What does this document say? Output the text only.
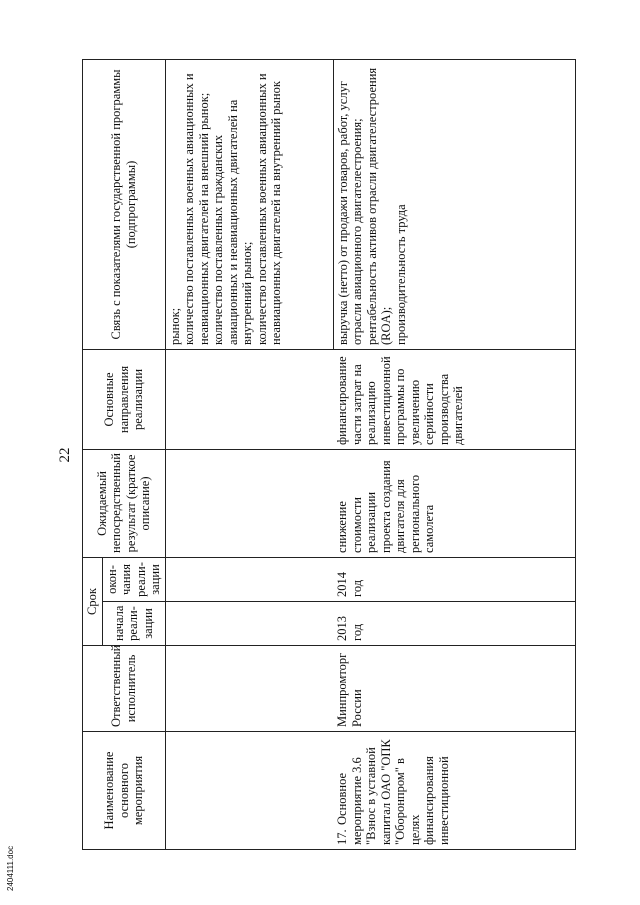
22
Наименование основного мероприятия	Ответственный исполнитель	Срок		Ожидаемый непосредственный результат (краткое описание)	Основные направления реализации	Связь с показателями государственной программы (подпрограммы)
		начала реали-зации	окон-чания реали-зации			
						рынок;
количество поставленных военных авиационных и неавиационных двигателей на внешний рынок;
количество поставленных гражданских авиационных и неавиационных двигателей на внутренний рынок;
количество поставленных военных авиационных и неавиационных двигателей на внутренний рынок
17.Основное мероприятие 3.6 "Взнос в уставной капитал ОАО "ОПК "Оборонпром" в целях финансирования инвестиционной	Минпромторг России	2013 год	2014 год	снижение стоимости реализации проекта создания двигателя для регионального самолета	финансирование части затрат на реализацию инвестиционной программы по увеличению серийности производства двигателей	выручка (нетто) от продажи товаров, работ, услуг отрасли авиационного двигателестроения;
рентабельность активов отрасли двигателестроения (ROA);
производительность труда
2404111.doc
